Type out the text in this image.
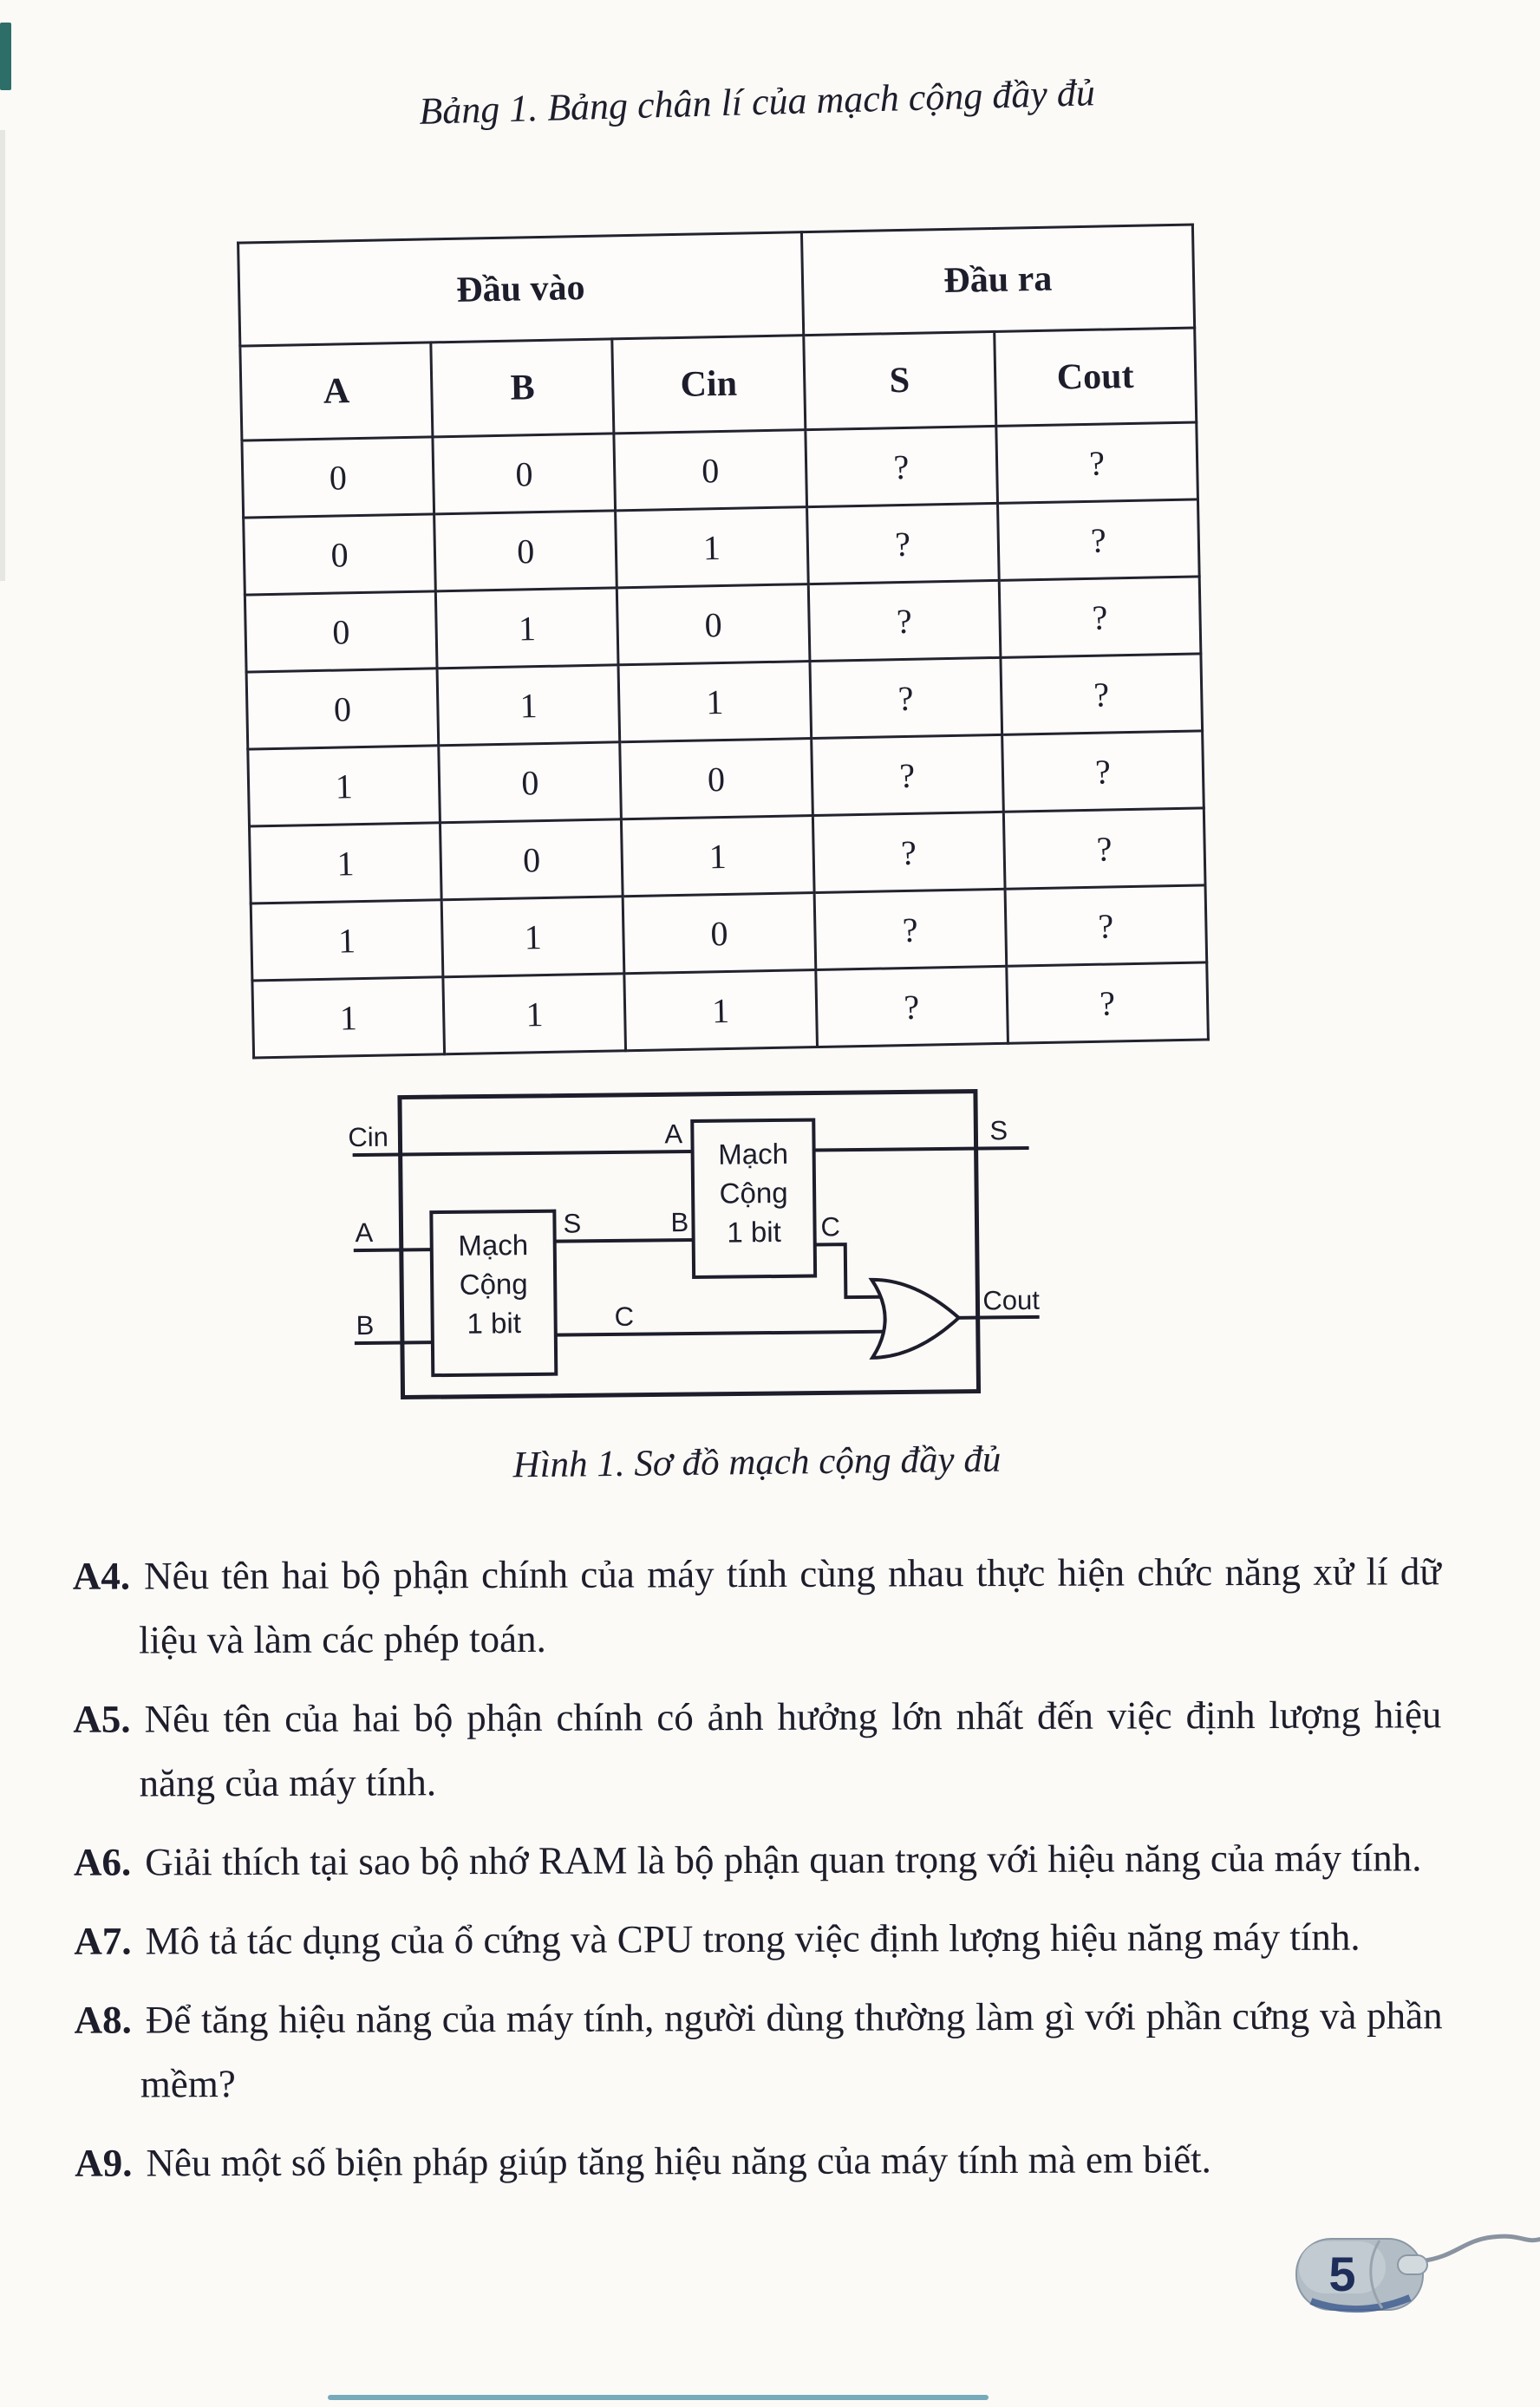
Bảng 1. Bảng chân lí của mạch cộng đầy đủ
Đầu vào			Đầu ra	
A	B	Cin	S	Cout
0	0	0	?	?
0	0	1	?	?
0	1	0	?	?
0	1	1	?	?
1	0	0	?	?
1	0	1	?	?
1	1	0	?	?
1	1	1	?	?
Mạch
Cộng
1 bit
Mạch
Cộng
1 bit
Cin
A
B
S	B
A
C
C
S
Cout
Hình 1. Sơ đồ mạch cộng đầy đủ

A4. Nêu tên hai bộ phận chính của máy tính cùng nhau thực hiện chức năng xử lí dữ liệu và làm các phép toán.

A5. Nêu tên của hai bộ phận chính có ảnh hưởng lớn nhất đến việc định lượng hiệu năng của máy tính.

A6. Giải thích tại sao bộ nhớ RAM là bộ phận quan trọng với hiệu năng của máy tính.

A7. Mô tả tác dụng của ổ cứng và CPU trong việc định lượng hiệu năng máy tính.

A8. Để tăng hiệu năng của máy tính, người dùng thường làm gì với phần cứng và phần mềm?

A9. Nêu một số biện pháp giúp tăng hiệu năng của máy tính mà em biết.

5
